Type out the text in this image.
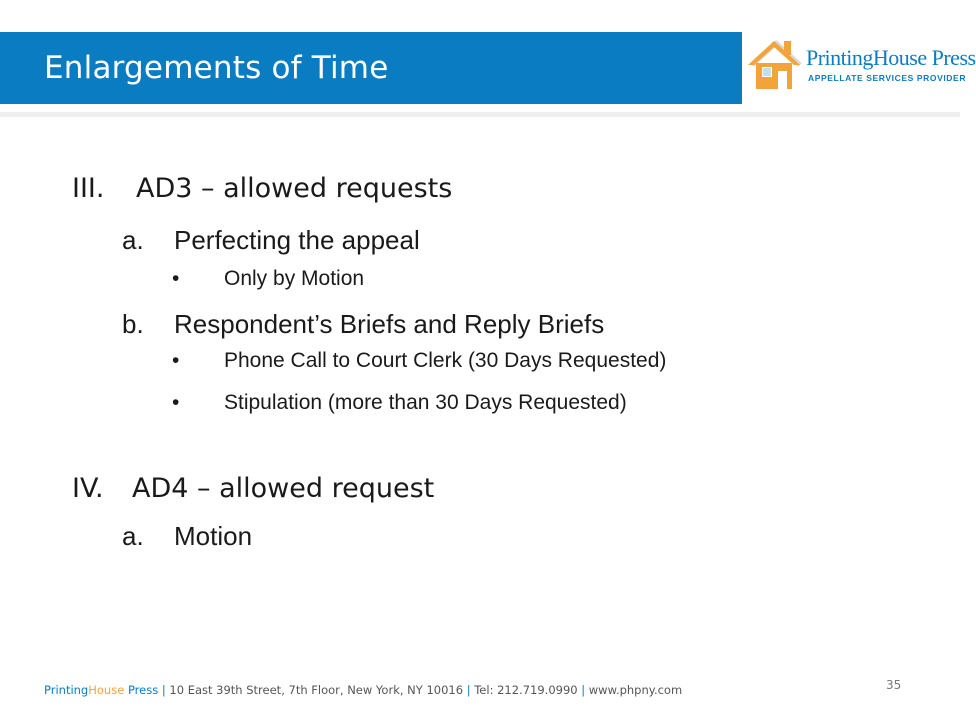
Enlargements of Time	PrintingHouse Press
APPELLATE SERVICES PROVIDER
III. AD3 – allowed requests
a. Perfecting the appeal
• Only by Motion
b. Respondent’s Briefs and Reply Briefs
• Phone Call to Court Clerk (30 Days Requested)
• Stipulation (more than 30 Days Requested)
IV. AD4 – allowed request
a. Motion
PrintingHouse Press | 10 East 39th Street, 7th Floor, New York, NY 10016 | Tel: 212.719.0990 | www.phpny.com	35
